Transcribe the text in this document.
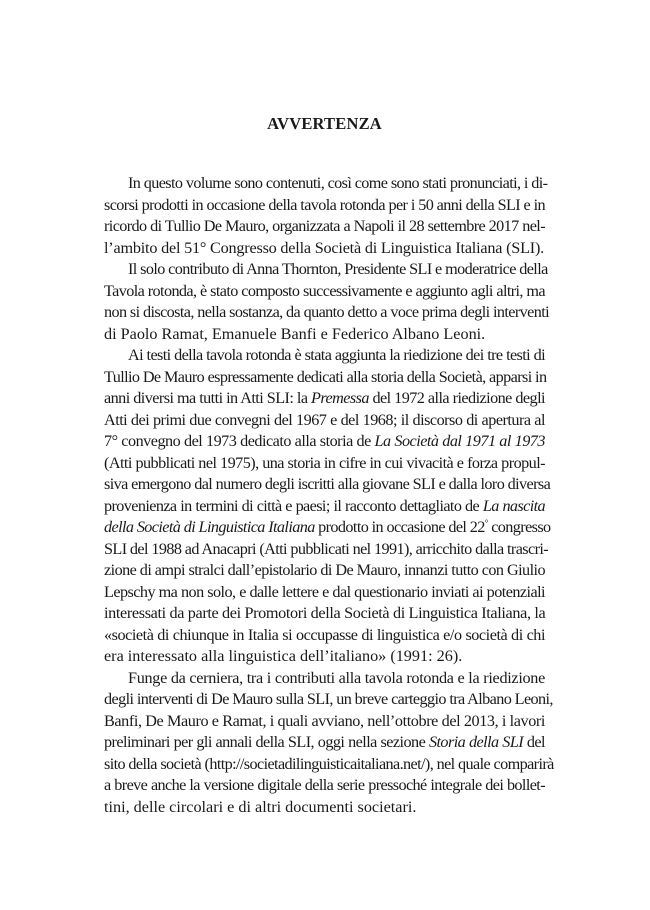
AVVERTENZA

In questo volume sono contenuti, così come sono stati pronunciati, i di-
scorsi prodotti in occasione della tavola rotonda per i 50 anni della SLI e in
ricordo di Tullio De Mauro, organizzata a Napoli il 28 settembre 2017 nel-
l’ambito del 51° Congresso della Società di Linguistica Italiana (SLI).

Il solo contributo di Anna Thornton, Presidente SLI e moderatrice della
Tavola rotonda, è stato composto successivamente e aggiunto agli altri, ma
non si discosta, nella sostanza, da quanto detto a voce prima degli interventi
di Paolo Ramat, Emanuele Banfi e Federico Albano Leoni.

Ai testi della tavola rotonda è stata aggiunta la riedizione dei tre testi di
Tullio De Mauro espressamente dedicati alla storia della Società, apparsi in
anni diversi ma tutti in Atti SLI: la Premessa del 1972 alla riedizione degli
Atti dei primi due convegni del 1967 e del 1968; il discorso di apertura al
7° convegno del 1973 dedicato alla storia de La Società dal 1971 al 1973
(Atti pubblicati nel 1975), una storia in cifre in cui vivacità e forza propul-
siva emergono dal numero degli iscritti alla giovane SLI e dalla loro diversa
provenienza in termini di città e paesi; il racconto dettagliato de La nascita
della Società di Linguistica Italiana prodotto in occasione del 22° congresso
SLI del 1988 ad Anacapri (Atti pubblicati nel 1991), arricchito dalla trascri-
zione di ampi stralci dall’epistolario di De Mauro, innanzi tutto con Giulio
Lepschy ma non solo, e dalle lettere e dal questionario inviati ai potenziali
interessati da parte dei Promotori della Società di Linguistica Italiana, la
«società di chiunque in Italia si occupasse di linguistica e/o società di chi
era interessato alla linguistica dell’italiano» (1991: 26).

Funge da cerniera, tra i contributi alla tavola rotonda e la riedizione
degli interventi di De Mauro sulla SLI, un breve carteggio tra Albano Leoni,
Banfi, De Mauro e Ramat, i quali avviano, nell’ottobre del 2013, i lavori
preliminari per gli annali della SLI, oggi nella sezione Storia della SLI del
sito della società (http://societadilinguisticaitaliana.net/), nel quale comparirà
a breve anche la versione digitale della serie pressoché integrale dei bollet-
tini, delle circolari e di altri documenti societari.
